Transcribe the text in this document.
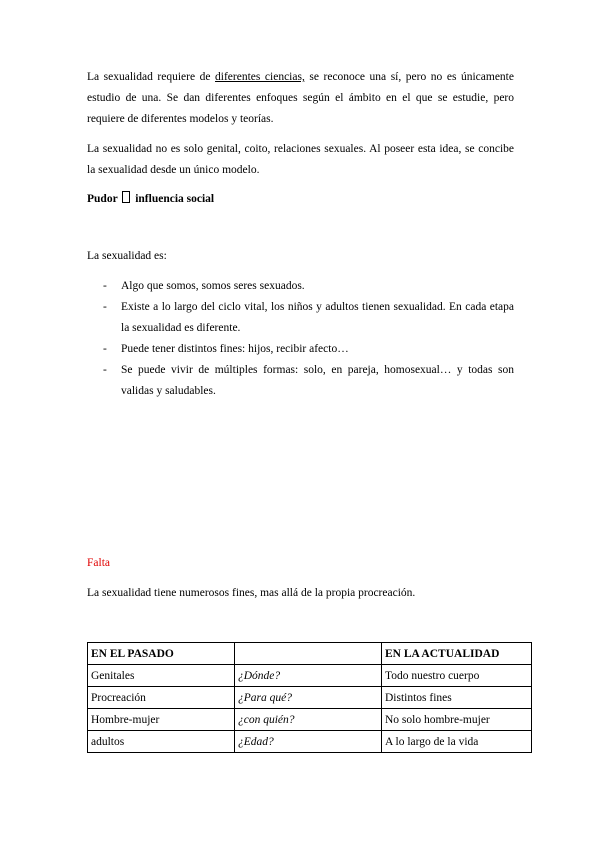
La sexualidad requiere de diferentes ciencias, se reconoce una sí, pero no es únicamente estudio de una. Se dan diferentes enfoques según el ámbito en el que se estudie, pero requiere de diferentes modelos y teorías.

La sexualidad no es solo genital, coito, relaciones sexuales. Al poseer esta idea, se concibe la sexualidad desde un único modelo.

Pudor influencia social

La sexualidad es:

- Algo que somos, somos seres sexuados.
- Existe a lo largo del ciclo vital, los niños y adultos tienen sexualidad. En cada etapa la sexualidad es diferente.
- Puede tener distintos fines: hijos, recibir afecto…
- Se puede vivir de múltiples formas: solo, en pareja, homosexual… y todas son validas y saludables.

Falta

La sexualidad tiene numerosos fines, mas allá de la propia procreación.

EN EL PASADO		EN LA ACTUALIDAD
Genitales	¿Dónde?	Todo nuestro cuerpo
Procreación	¿Para qué?	Distintos fines
Hombre-mujer	¿con quién?	No solo hombre-mujer
adultos	¿Edad?	A lo largo de la vida
